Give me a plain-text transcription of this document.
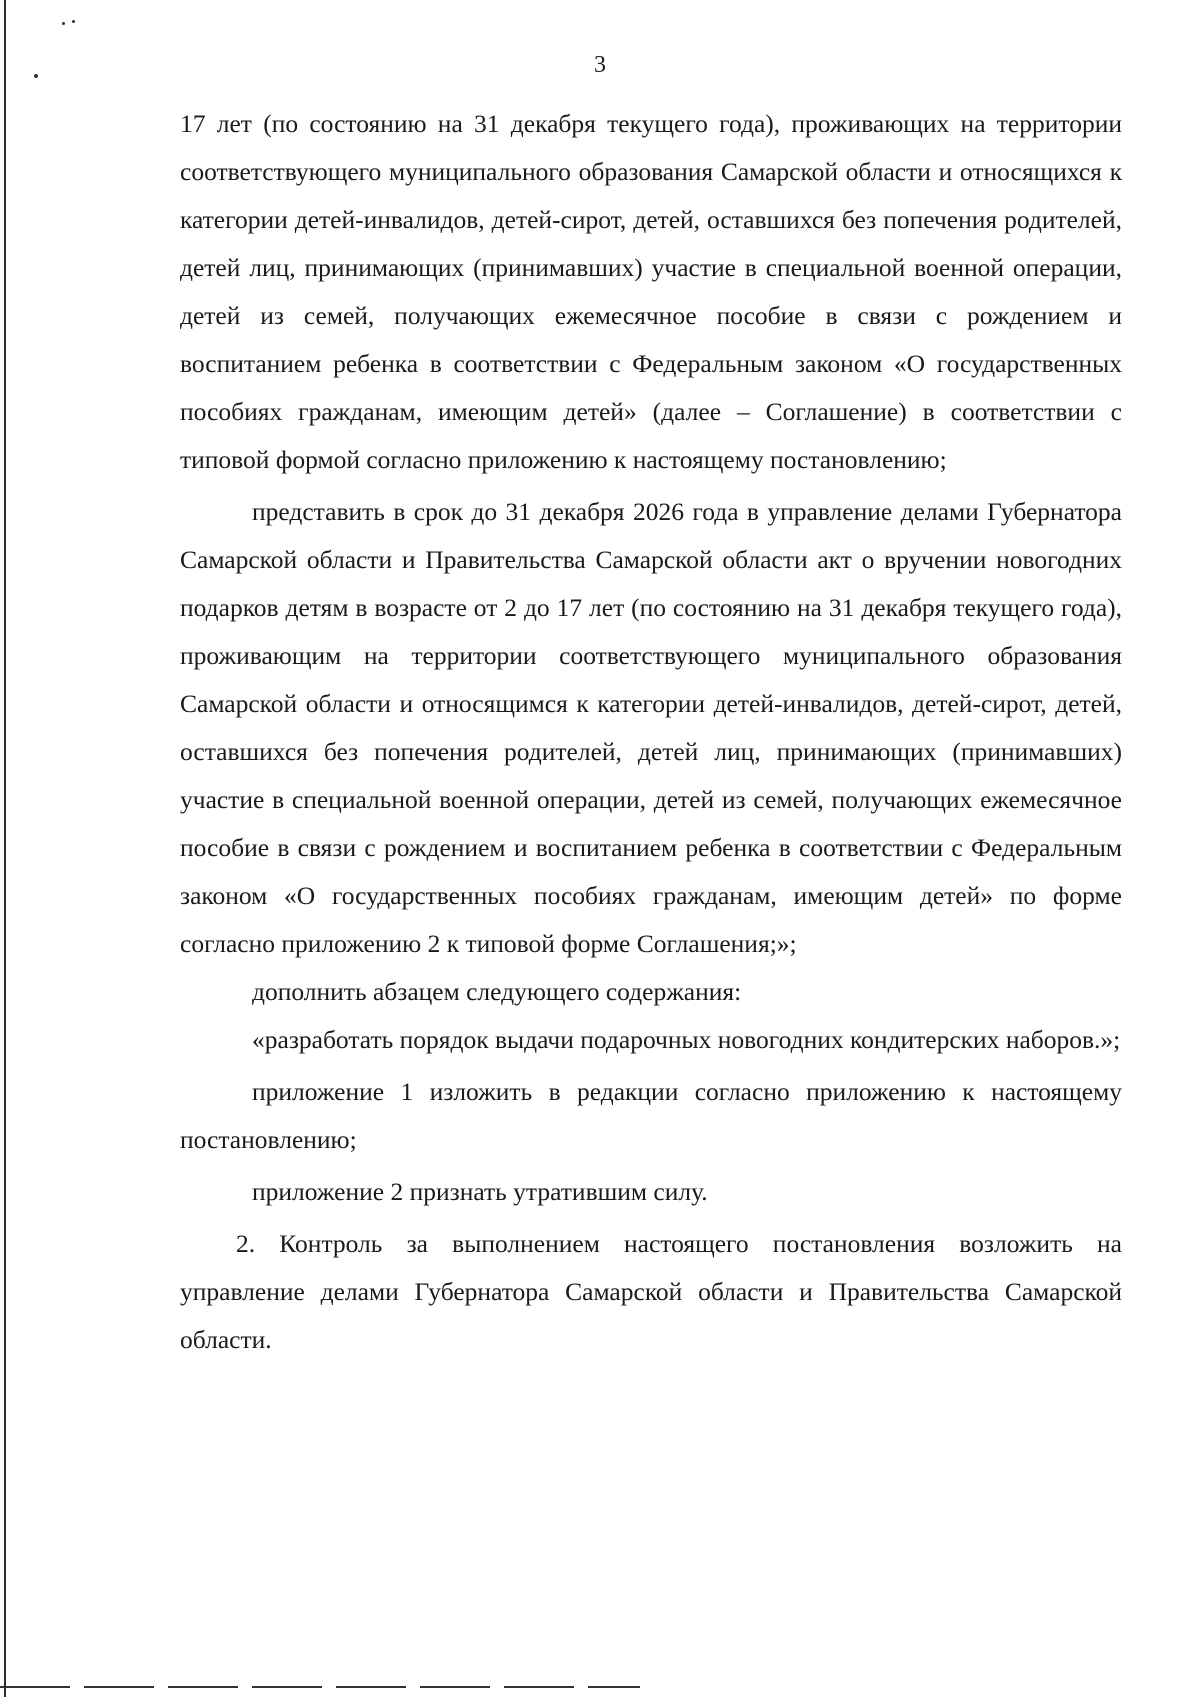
3

17 лет (по состоянию на 31 декабря текущего года), проживающих на территории соответствующего муниципального образования Самарской области и относящихся к категории детей-инвалидов, детей-сирот, детей, оставшихся без попечения родителей, детей лиц, принимающих (принимавших) участие в специальной военной операции, детей из семей, получающих ежемесячное пособие в связи с рождением и воспитанием ребенка в соответствии с Федеральным законом «О государственных пособиях гражданам, имеющим детей» (далее – Соглашение) в соответствии с типовой формой согласно приложению к настоящему постановлению;

представить в срок до 31 декабря 2026 года в управление делами Губернатора Самарской области и Правительства Самарской области акт о вручении новогодних подарков детям в возрасте от 2 до 17 лет (по состоянию на 31 декабря текущего года), проживающим на территории соответствующего муниципального образования Самарской области и относящимся к категории детей-инвалидов, детей-сирот, детей, оставшихся без попечения родителей, детей лиц, принимающих (принимавших) участие в специальной военной операции, детей из семей, получающих ежемесячное пособие в связи с рождением и воспитанием ребенка в соответствии с Федеральным законом «О государственных пособиях гражданам, имеющим детей» по форме согласно приложению 2 к типовой форме Соглашения;»;

дополнить абзацем следующего содержания:

«разработать порядок выдачи подарочных новогодних кондитерских наборов.»;

приложение 1 изложить в редакции согласно приложению к настоящему постановлению;

приложение 2 признать утратившим силу.

2. Контроль за выполнением настоящего постановления возложить на управление делами Губернатора Самарской области и Правительства Самарской области.
